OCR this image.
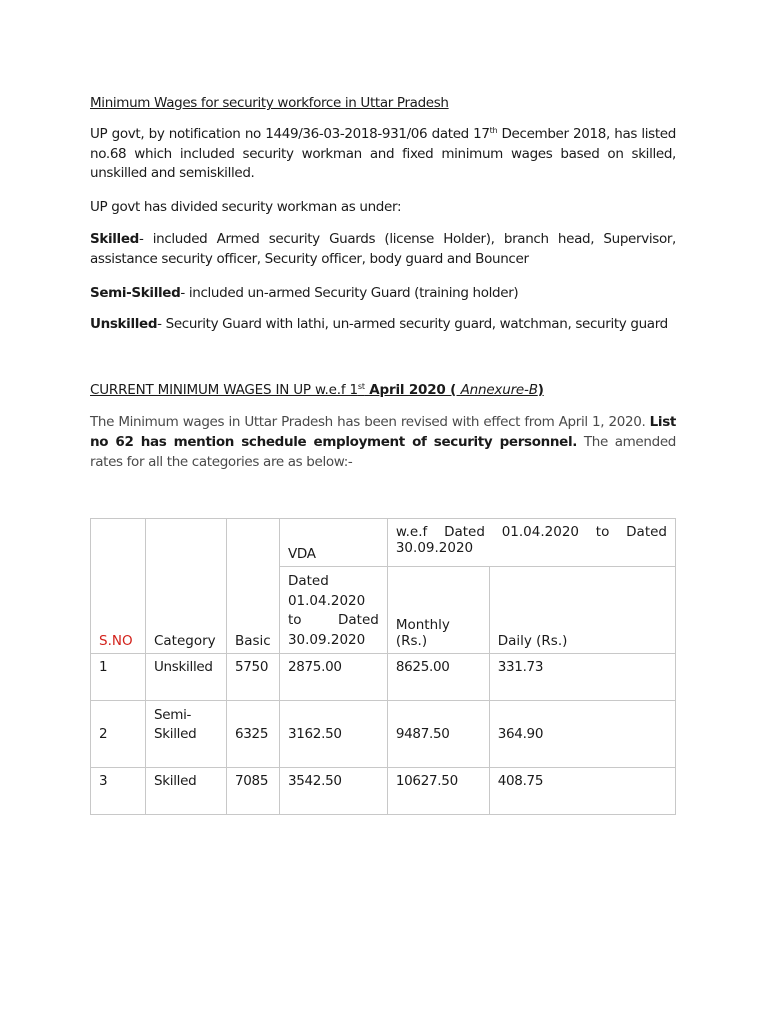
Minimum Wages for security workforce in Uttar Pradesh

UP govt, by notification no 1449/36-03-2018-931/06 dated 17th December 2018, has listed no.68 which included security workman and fixed minimum wages based on skilled, unskilled and semiskilled.

UP govt has divided security workman as under:

Skilled- included Armed security Guards (license Holder), branch head, Supervisor, assistance security officer, Security officer, body guard and Bouncer

Semi-Skilled- included un-armed Security Guard (training holder)

Unskilled- Security Guard with lathi, un-armed security guard, watchman, security guard

CURRENT MINIMUM WAGES IN UP w.e.f 1st April 2020 ( Annexure-B)

The Minimum wages in Uttar Pradesh has been revised with effect from April 1, 2020. List no 62 has mention schedule employment of security personnel. The amended rates for all the categories are as below:-

S.NO	Category	Basic	VDA	w.e.f Dated 01.04.2020 to Dated 30.09.2020	
			Dated 01.04.2020 to Dated 30.09.2020	Monthly (Rs.)	Daily (Rs.)
1	Unskilled	5750	2875.00	8625.00	331.73
2	Semi-Skilled	6325	3162.50	9487.50	364.90
3	Skilled	7085	3542.50	10627.50	408.75
